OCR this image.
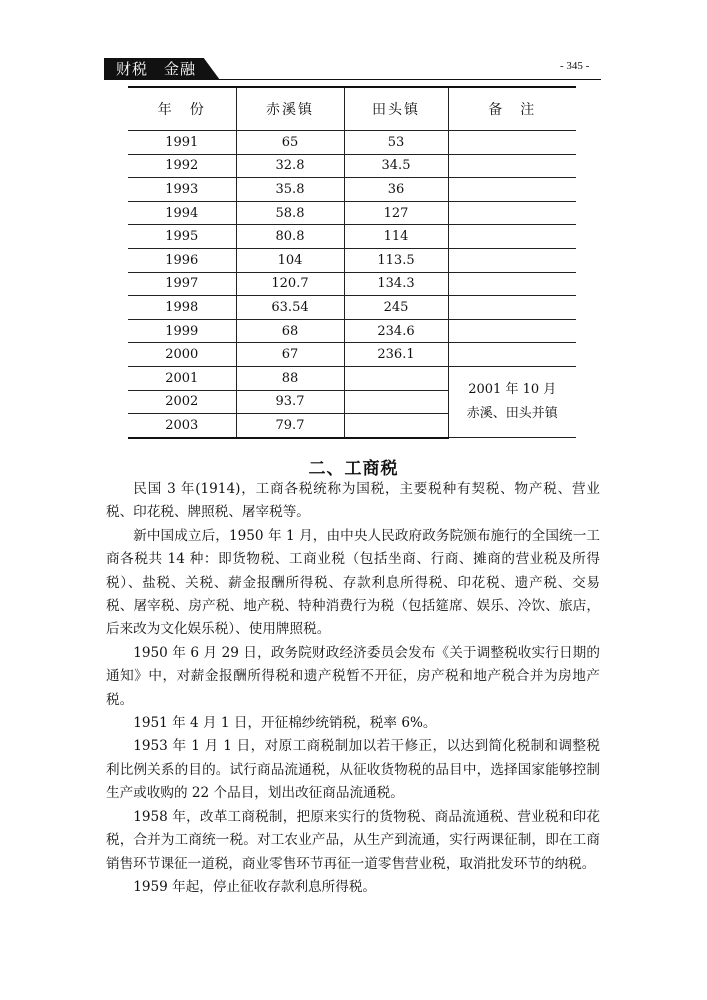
财税　金融	- 345 -
年　份	赤溪镇	田头镇	备　注
1991	65	53	
1992	32.8	34.5	
1993	35.8	36	
1994	58.8	127	
1995	80.8	114	
1996	104	113.5	
1997	120.7	134.3	
1998	63.54	245	
1999	68	234.6	
2000	67	236.1	
2001	88		2001 年 10 月
赤溪、田头并镇

2002	93.7		
2003	79.7		
二、工商税

民国 3 年(1914)，工商各税统称为国税，主要税种有契税、物产税、营业税、印花税、牌照税、屠宰税等。

新中国成立后，1950 年 1 月，由中央人民政府政务院颁布施行的全国统一工商各税共 14 种：即货物税、工商业税（包括坐商、行商、摊商的营业税及所得税）、盐税、关税、薪金报酬所得税、存款利息所得税、印花税、遗产税、交易税、屠宰税、房产税、地产税、特种消费行为税（包括筵席、娱乐、冷饮、旅店，后来改为文化娱乐税）、使用牌照税。

1950 年 6 月 29 日，政务院财政经济委员会发布《关于调整税收实行日期的通知》中，对薪金报酬所得税和遗产税暂不开征，房产税和地产税合并为房地产税。

1951 年 4 月 1 日，开征棉纱统销税，税率 6%。

1953 年 1 月 1 日，对原工商税制加以若干修正，以达到简化税制和调整税利比例关系的目的。试行商品流通税，从征收货物税的品目中，选择国家能够控制生产或收购的 22 个品目，划出改征商品流通税。

1958 年，改革工商税制，把原来实行的货物税、商品流通税、营业税和印花税，合并为工商统一税。对工农业产品，从生产到流通，实行两课征制，即在工商销售环节课征一道税，商业零售环节再征一道零售营业税，取消批发环节的纳税。

1959 年起，停止征收存款利息所得税。
